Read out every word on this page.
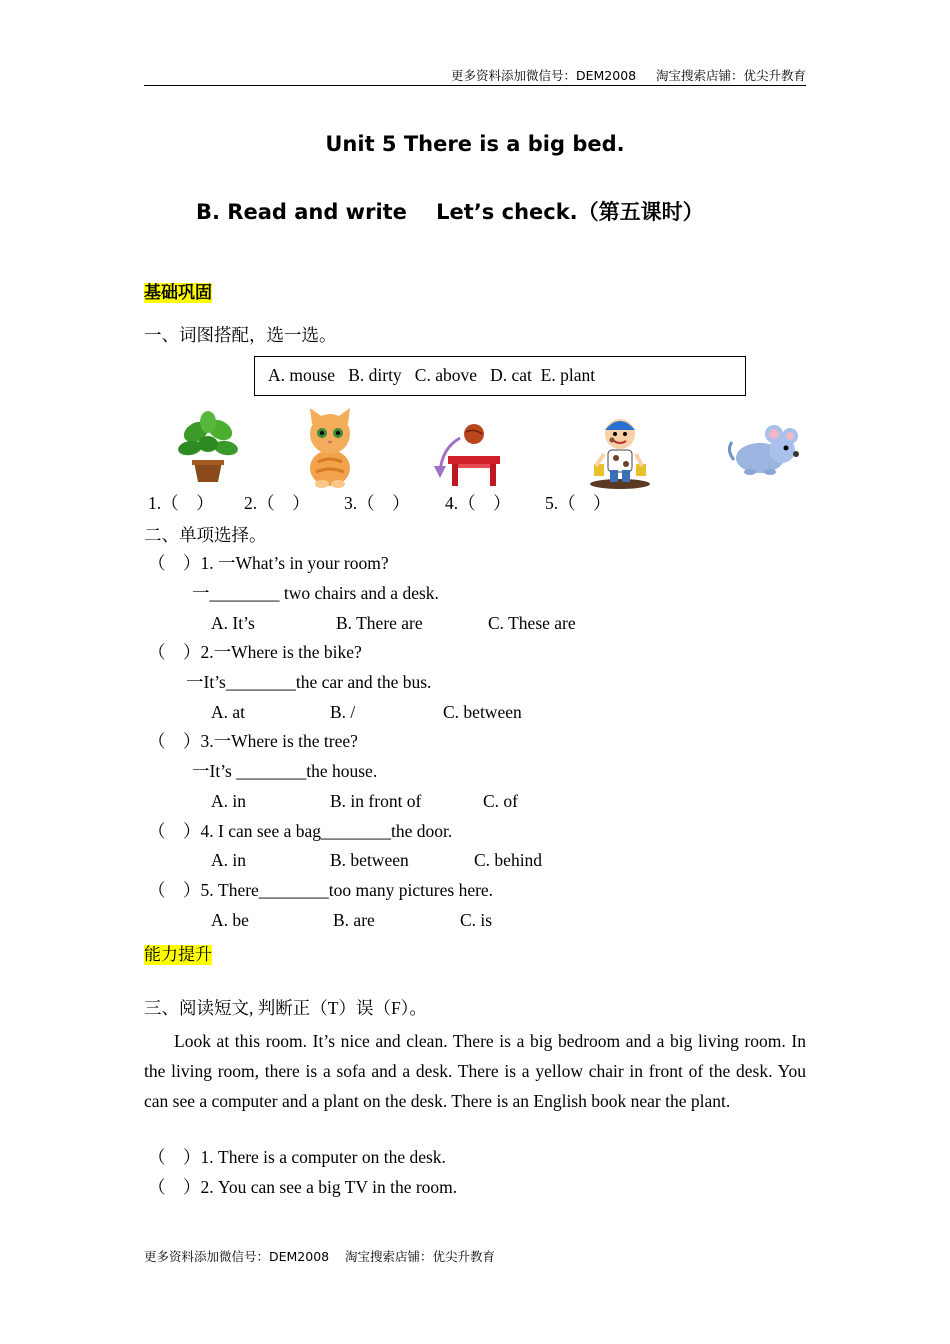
更多资料添加微信号：DEM2008     淘宝搜索店铺：优尖升教育
Unit 5 There is a big bed.
B. Read and write    Let’s check.（第五课时）
基础巩固
一、词图搭配，选一选。
A. mouse   B. dirty   C. above   D. cat  E. plant
1.（    ） 2.（    ） 3.（    ） 4.（    ） 5.（    ）
二、单项选择。
（    ）1. 一What’s in your room?
一________ two chairs and a desk.
A. It’s	B. There are	C. These are
（    ）2.一Where is the bike?
一It’s________the car and the bus.
A. at	B. /	C. between
（    ）3.一Where is the tree?
一It’s ________the house.
A. in	B. in front of	C. of
（    ）4. I can see a bag________the door.
A. in	B. between	C. behind
（    ）5. There________too many pictures here.
A. be	B. are	C. is
能力提升
三、阅读短文, 判断正（T）误（F）。
Look at this room. It’s nice and clean. There is a big bedroom and a big living room. In the living room, there is a sofa and a desk. There is a yellow chair in front of the desk. You can see a computer and a plant on the desk. There is an English book near the plant.
（    ）1. There is a computer on the desk.
（    ）2. You can see a big TV in the room.
更多资料添加微信号：DEM2008    淘宝搜索店铺：优尖升教育
